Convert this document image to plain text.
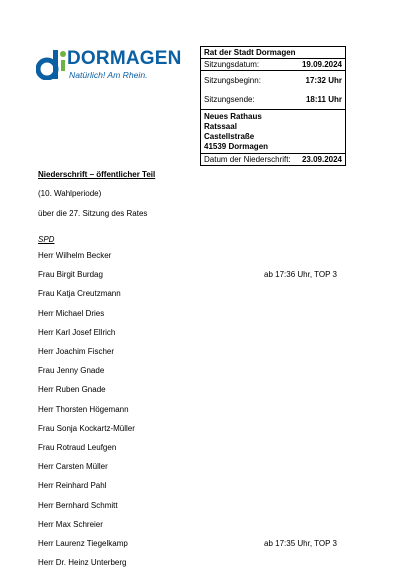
DORMAGEN
Natürlich! Am Rhein.
Rat der Stadt Dormagen
Sitzungsdatum:	19.09.2024
Sitzungsbeginn:	17:32 Uhr
Sitzungsende:	18:11 Uhr
Neues Rathaus
Ratssaal
Castellstraße
41539 Dormagen
Datum der Niederschrift: 23.09.2024
Niederschrift – öffentlicher Teil
(10. Wahlperiode)
über die 27. Sitzung des Rates
SPD
Herr Wilhelm Becker
Frau Birgit Burdag	ab 17:36 Uhr, TOP 3
Frau Katja Creutzmann
Herr Michael Dries
Herr Karl Josef Ellrich
Herr Joachim Fischer
Frau Jenny Gnade
Herr Ruben Gnade
Herr Thorsten Högemann
Frau Sonja Kockartz-Müller
Frau Rotraud Leufgen
Herr Carsten Müller
Herr Reinhard Pahl
Herr Bernhard Schmitt
Herr Max Schreier
Herr Laurenz Tiegelkamp	ab 17:35 Uhr, TOP 3
Herr Dr. Heinz Unterberg
